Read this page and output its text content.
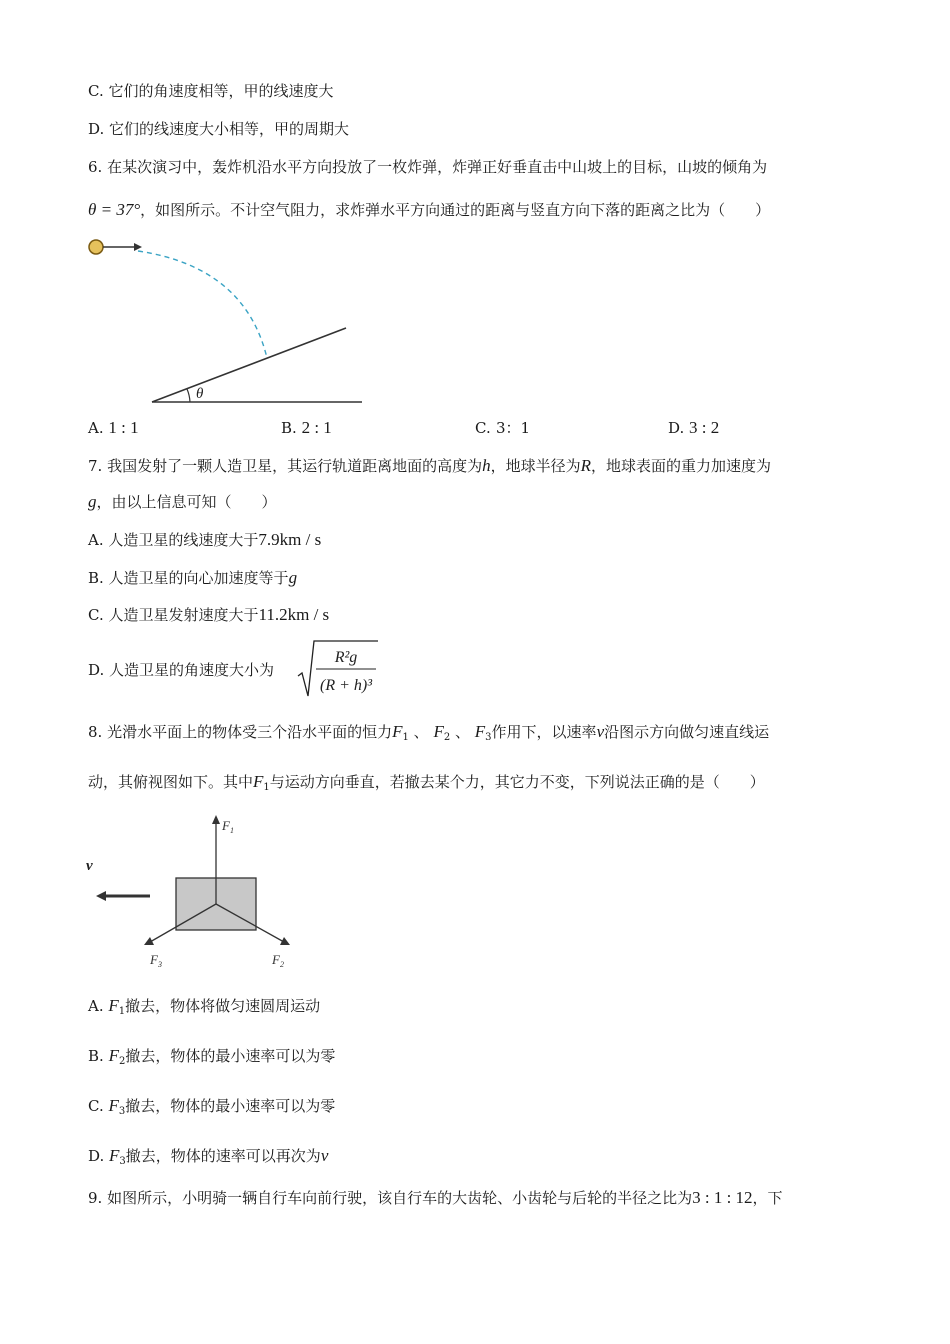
C. 它们的角速度相等，甲的线速度大
D. 它们的线速度大小相等，甲的周期大
6. 在某次演习中，轰炸机沿水平方向投放了一枚炸弹，炸弹正好垂直击中山坡上的目标，山坡的倾角为
θ = 37°，如图所示。不计空气阻力，求炸弹水平方向通过的距离与竖直方向下落的距离之比为（　　）
θ
A. 1 : 1	B. 2 : 1	C. 3：1	D. 3 : 2
7. 我国发射了一颗人造卫星，其运行轨道距离地面的高度为h，地球半径为R，地球表面的重力加速度为
g，由以上信息可知（　　）
A. 人造卫星的线速度大于7.9km / s
B. 人造卫星的向心加速度等于g
C. 人造卫星发射速度大于11.2km / s
D. 人造卫星的角速度大小为
R²g
(R + h)³
8. 光滑水平面上的物体受三个沿水平面的恒力$F_1$ 、 $F_2$ 、 $F_3$作用下，以速率v沿图示方向做匀速直线运
动，其俯视图如下。其中$F_1$与运动方向垂直，若撤去某个力，其它力不变，下列说法正确的是（　　）
v
$F_1$
$F_2$
$F_3$
A. $F_1$撤去，物体将做匀速圆周运动
B. $F_2$撤去，物体的最小速率可以为零
C. $F_3$撤去，物体的最小速率可以为零
D. $F_3$撤去，物体的速率可以再次为v
9. 如图所示，小明骑一辆自行车向前行驶，该自行车的大齿轮、小齿轮与后轮的半径之比为3 : 1 : 12，下
